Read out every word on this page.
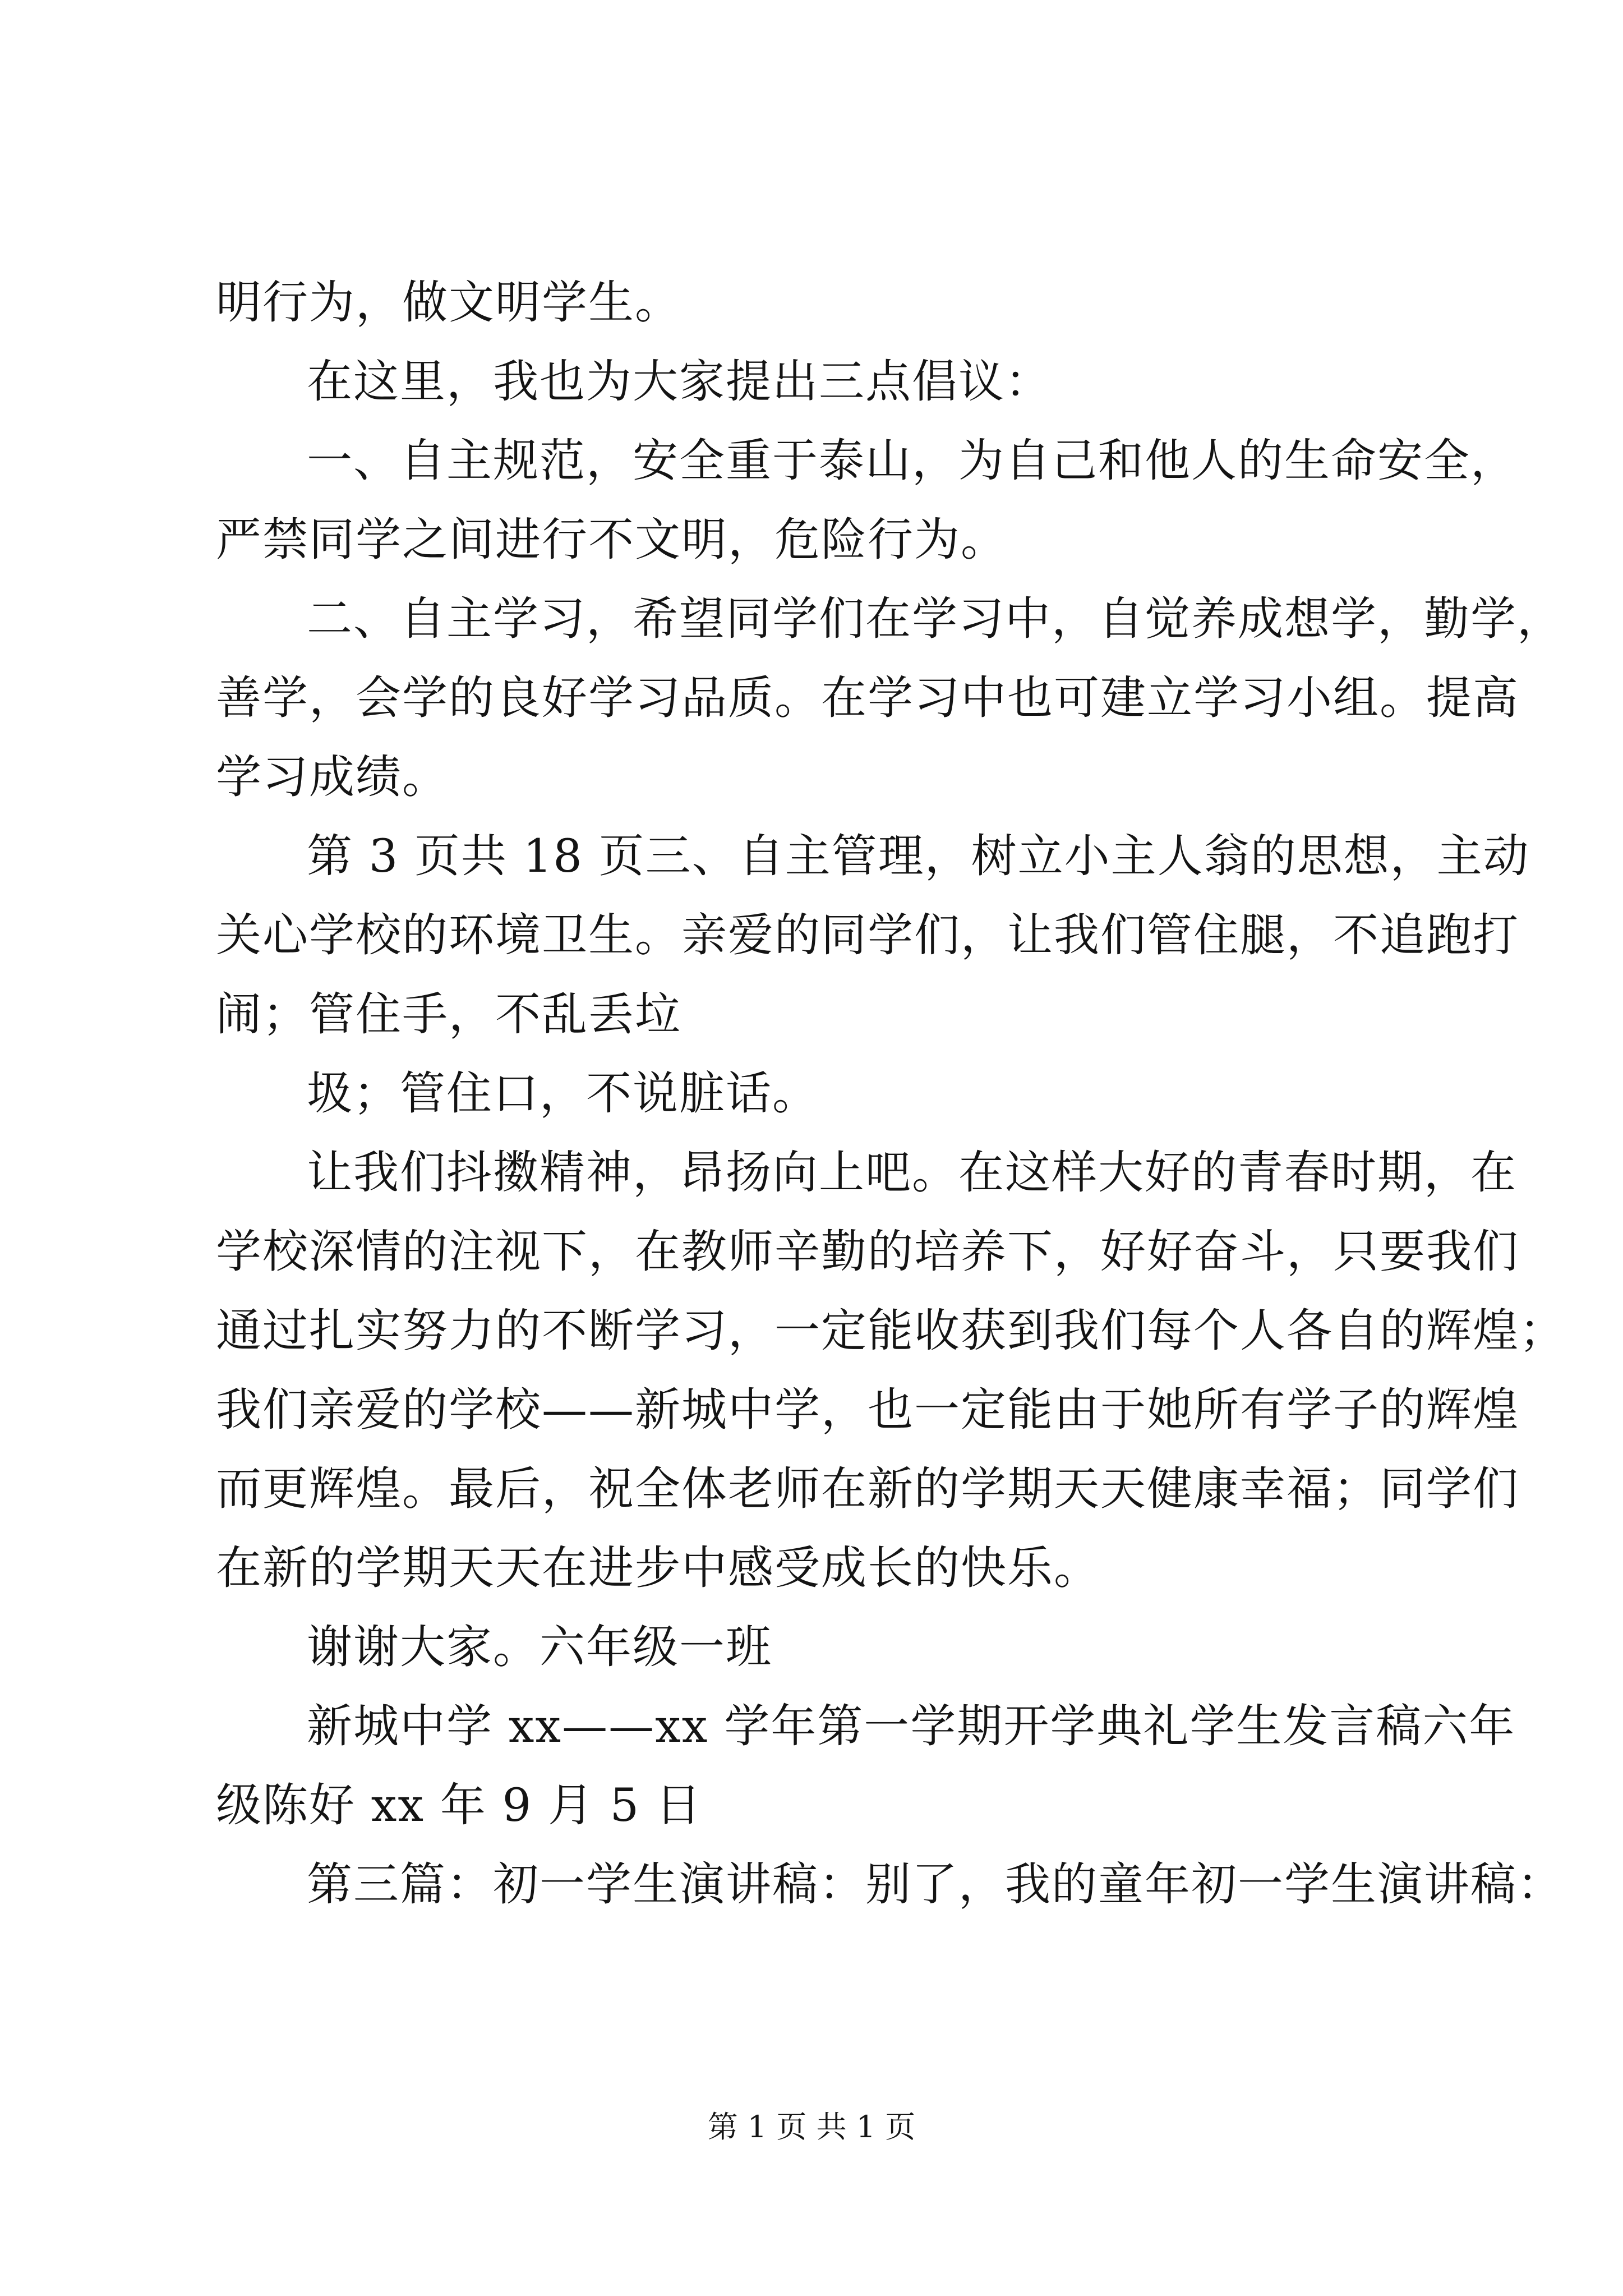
明行为，做文明学生。
在这里，我也为大家提出三点倡议：
一、自主规范，安全重于泰山，为自己和他人的生命安全，
严禁同学之间进行不文明，危险行为。
二、自主学习，希望同学们在学习中，自觉养成想学，勤学，
善学，会学的良好学习品质。在学习中也可建立学习小组。提高
学习成绩。
第 3 页共 18 页三、自主管理，树立小主人翁的思想，主动
关心学校的环境卫生。亲爱的同学们，让我们管住腿，不追跑打
闹；管住手，不乱丢垃
圾；管住口，不说脏话。
让我们抖擞精神，昂扬向上吧。在这样大好的青春时期，在
学校深情的注视下，在教师辛勤的培养下，好好奋斗，只要我们
通过扎实努力的不断学习，一定能收获到我们每个人各自的辉煌；
我们亲爱的学校——新城中学，也一定能由于她所有学子的辉煌
而更辉煌。最后，祝全体老师在新的学期天天健康幸福；同学们
在新的学期天天在进步中感受成长的快乐。
谢谢大家。六年级一班
新城中学 xx——xx 学年第一学期开学典礼学生发言稿六年
级陈好 xx 年 9 月 5 日
第三篇：初一学生演讲稿：别了，我的童年初一学生演讲稿：
第 1 页 共 1 页
